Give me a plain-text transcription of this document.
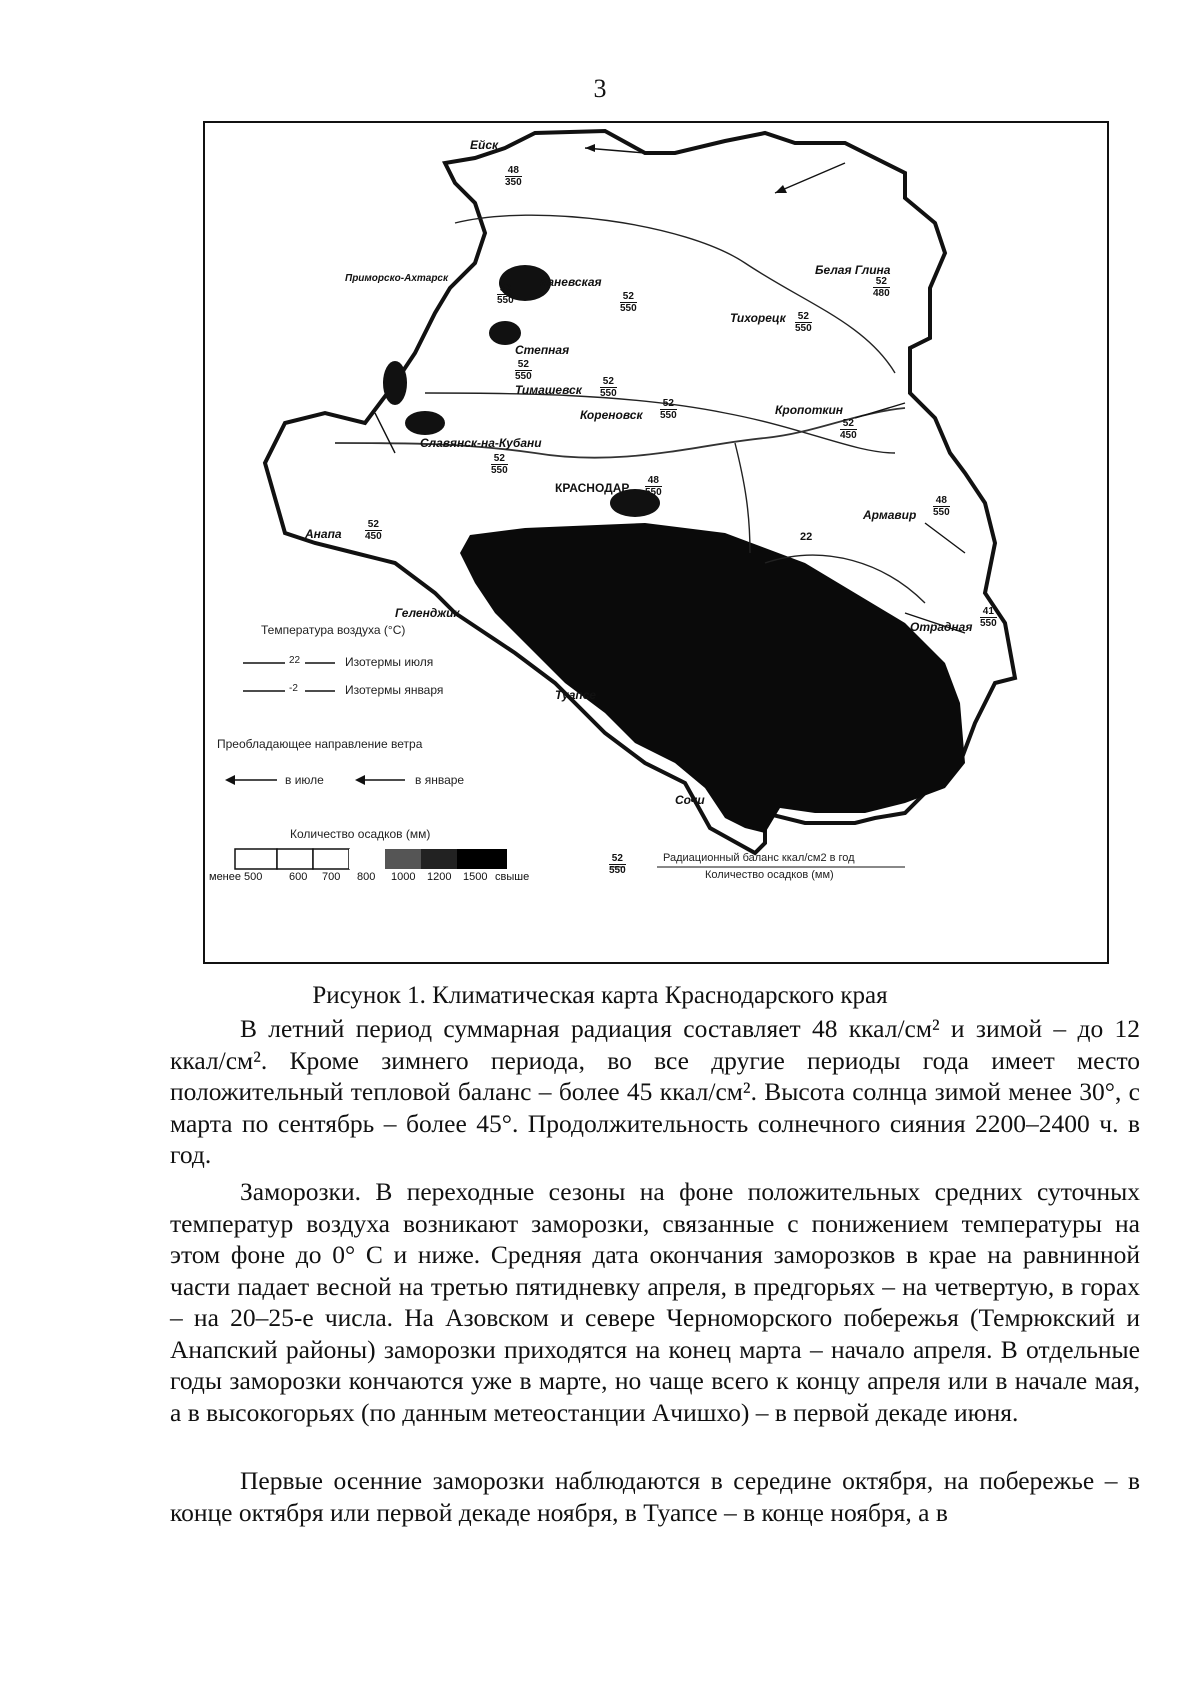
3
Ейск
Приморско-Ахтарск	Каневская
Белая Глина
Тихорецк
Степная
Тимашевск
Кореновск	Кропоткин
Славянск-на-Кубани
КРАСНОДАР
Анапа
Армавир
Геленджик
Отрадная
Туапсе
Сочи
48
350
52
550	52
550
52
480
52
550
52
550	52
550
52
550
52
450
52
550
48
550
52
450
48
550
41
550
22
Температура воздуха (°С)
22	Изотермы июля
-2	Изотермы января
Преобладающее направление ветра
в июле	в январе
Количество осадков (мм)
менее 500 600 700 800 1000 1200 1500 свыше
52
550
Радиационный баланс ккал/см2 в год
Количество осадков (мм)
Рисунок 1. Климатическая карта Краснодарского края

В летний период суммарная радиация составляет 48 ккал/см² и зимой – до 12 ккал/см². Кроме зимнего периода, во все другие периоды года имеет место положительный тепловой баланс – более 45 ккал/см². Высота солнца зимой менее 30°, с марта по сентябрь – более 45°. Продолжительность солнечного сияния 2200–2400 ч. в год.

Заморозки. В переходные сезоны на фоне положительных средних суточных температур воздуха возникают заморозки, связанные с понижением температуры на этом фоне до 0° С и ниже. Средняя дата окончания заморозков в крае на равнинной части падает весной на третью пятидневку апреля, в предгорьях – на четвертую, в горах – на 20–25-е числа. На Азовском и севере Черноморского побережья (Темрюкский и Анапский районы) заморозки приходятся на конец марта – начало апреля. В отдельные годы заморозки кончаются уже в марте, но чаще всего к концу апреля или в начале мая, а в высокогорьях (по данным метеостанции Ачишхо) – в первой декаде июня.

Первые осенние заморозки наблюдаются в середине октября, на побережье – в конце октября или первой декаде ноября, в Туапсе – в конце ноября, а в
